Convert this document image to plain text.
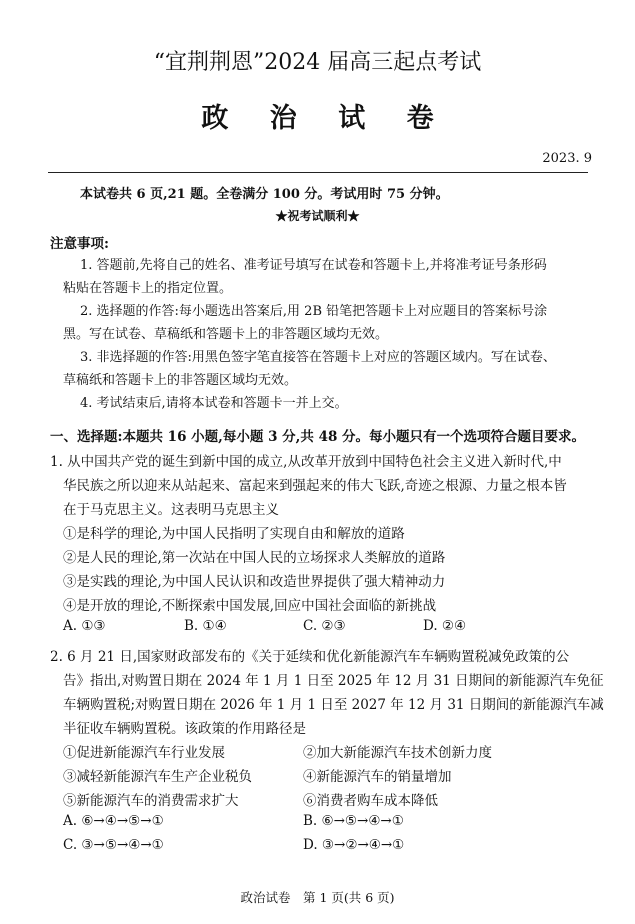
“宜荆荆恩”2024 届高三起点考试
政 治 试 卷
2023. 9
本试卷共 6 页,21 题。全卷满分 100 分。考试用时 75 分钟。
★祝考试顺利★
注意事项:
1. 答题前,先将自己的姓名、准考证号填写在试卷和答题卡上,并将准考证号条形码
粘贴在答题卡上的指定位置。
2. 选择题的作答:每小题选出答案后,用 2B 铅笔把答题卡上对应题目的答案标号涂
黑。写在试卷、草稿纸和答题卡上的非答题区域均无效。
3. 非选择题的作答:用黑色签字笔直接答在答题卡上对应的答题区域内。写在试卷、
草稿纸和答题卡上的非答题区域均无效。
4. 考试结束后,请将本试卷和答题卡一并上交。
一、选择题:本题共 16 小题,每小题 3 分,共 48 分。每小题只有一个选项符合题目要求。
1. 从中国共产党的诞生到新中国的成立,从改革开放到中国特色社会主义进入新时代,中
华民族之所以迎来从站起来、富起来到强起来的伟大飞跃,奇迹之根源、力量之根本皆
在于马克思主义。这表明马克思主义
①是科学的理论,为中国人民指明了实现自由和解放的道路
②是人民的理论,第一次站在中国人民的立场探求人类解放的道路
③是实践的理论,为中国人民认识和改造世界提供了强大精神动力
④是开放的理论,不断探索中国发展,回应中国社会面临的新挑战
A. ①③	B. ①④	C. ②③	D. ②④
2. 6 月 21 日,国家财政部发布的《关于延续和优化新能源汽车车辆购置税减免政策的公
告》指出,对购置日期在 2024 年 1 月 1 日至 2025 年 12 月 31 日期间的新能源汽车免征
车辆购置税;对购置日期在 2026 年 1 月 1 日至 2027 年 12 月 31 日期间的新能源汽车减
半征收车辆购置税。该政策的作用路径是
①促进新能源汽车行业发展	②加大新能源汽车技术创新力度
③减轻新能源汽车生产企业税负	④新能源汽车的销量增加
⑤新能源汽车的消费需求扩大	⑥消费者购车成本降低
A. ⑥→④→⑤→①	B. ⑥→⑤→④→①
C. ③→⑤→④→①	D. ③→②→④→①
政治试卷　第 1 页(共 6 页)
